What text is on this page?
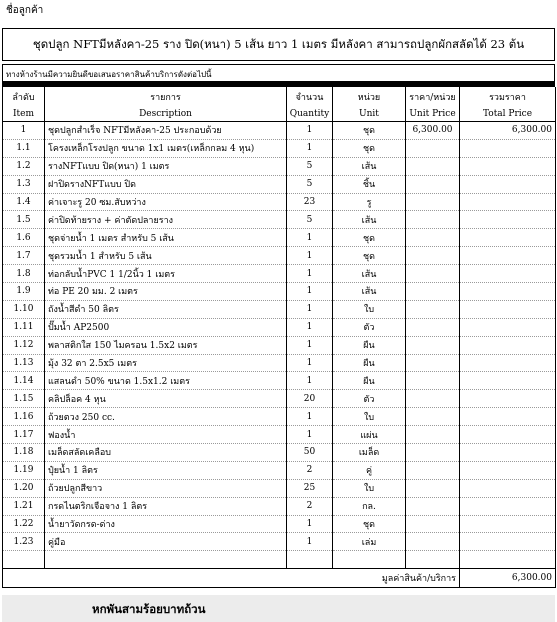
ชื่อลูกค้า
ชุดปลูก NFTมีหลังคา-25 ราง ปิด(หนา) 5 เส้น ยาว 1 เมตร มีหลังคา สามารถปลูกผักสลัดได้ 23 ต้น
ทางห้างร้านมีความยินดีขอเสนอราคาสินค้าบริการดังต่อไปนี้
ลำดับ	รายการ	จำนวน	หน่วย	ราคา/หน่วย	รวมราคา
Item	Description	Quantity	Unit	Unit Price	Total Price
1	ชุดปลูกสำเร็จ NFTมีหลังคา-25 ประกอบด้วย	1	ชุด	6,300.00	6,300.00
1.1	โครงเหล็กโรงปลูก ขนาด 1x1 เมตร(เหล็กกลม 4 หุน)	1	ชุด		
1.2	รางNFTแบบ ปิด(หนา) 1 เมตร	5	เส้น		
1.3	ฝาปิดรางNFTแบบ ปิด	5	ชิ้น		
1.4	ค่าเจาะรู 20 ซม.สับหว่าง	23	รู		
1.5	ค่าปิดท้ายราง + ค่าตัดปลายราง	5	เส้น		
1.6	ชุดจ่ายน้ำ 1 เมตร สำหรับ 5 เส้น	1	ชุด		
1.7	ชุดรวมน้ำ 1 สำหรับ 5 เส้น	1	ชุด		
1.8	ท่อกลับน้ำPVC 1 1/2นิ้ว 1 เมตร	1	เส้น		
1.9	ท่อ PE 20 มม. 2 เมตร	1	เส้น		
1.10	ถังน้ำสีดำ 50 ลิตร	1	ใบ		
1.11	ปั๊มน้ำ AP2500	1	ตัว		
1.12	พลาสติกใส 150 ไมครอน 1.5x2 เมตร	1	ผืน		
1.13	มุ้ง 32 ตา 2.5x5 เมตร	1	ผืน		
1.14	แสลนดำ 50% ขนาด 1.5x1.2 เมตร	1	ผืน		
1.15	คลิปล็อค 4 หุน	20	ตัว		
1.16	ถ้วยตวง 250 cc.	1	ใบ		
1.17	ฟองน้ำ	1	แผ่น		
1.18	เมล็ดสลัดเคลือบ	50	เมล็ด		
1.19	ปุ๋ยน้ำ 1 ลิตร	2	คู่		
1.20	ถ้วยปลูกสีขาว	25	ใบ		
1.21	กรดไนตริกเจือจาง 1 ลิตร	2	กล.		
1.22	น้ำยาวัดกรด-ด่าง	1	ชุด		
1.23	คู่มือ	1	เล่ม		

	มูลค่าสินค้า/บริการ				6,300.00
หกพันสามร้อยบาทถ้วน
